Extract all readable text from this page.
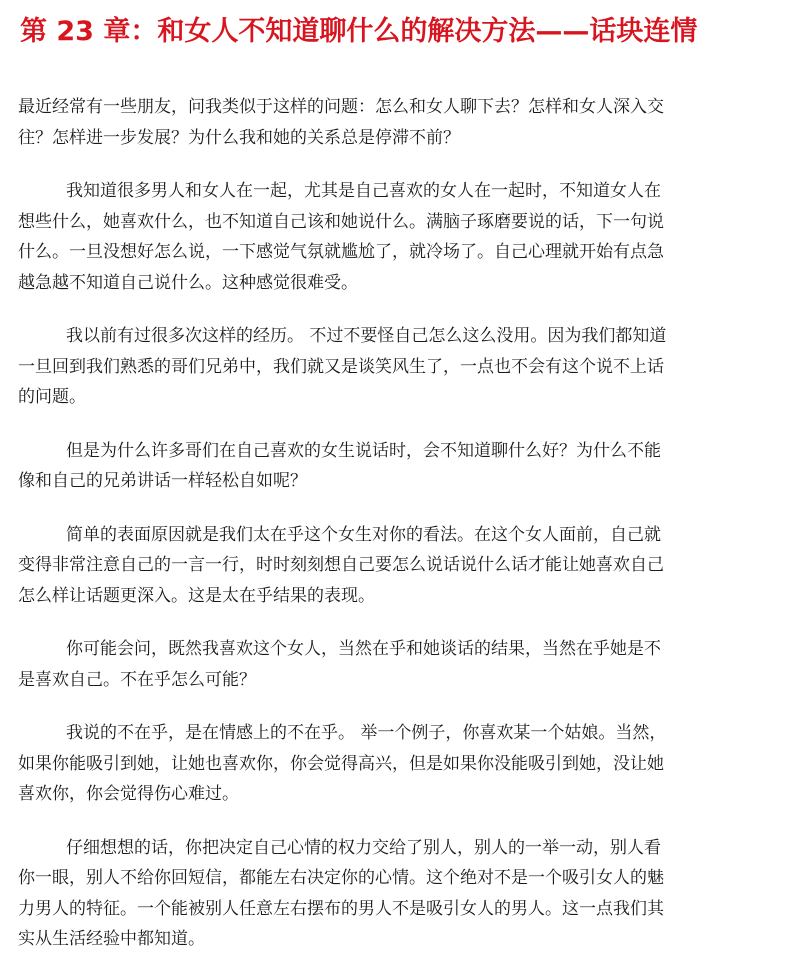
第 23 章：和女人不知道聊什么的解决方法——话块连情
最近经常有一些朋友，问我类似于这样的问题：怎么和女人聊下去？怎样和女人深入交
往？怎样进一步发展？为什么我和她的关系总是停滞不前？
我知道很多男人和女人在一起，尤其是自己喜欢的女人在一起时，不知道女人在
想些什么，她喜欢什么，也不知道自己该和她说什么。满脑子琢磨要说的话，下一句说
什么。一旦没想好怎么说，一下感觉气氛就尴尬了，就冷场了。自己心理就开始有点急
越急越不知道自己说什么。这种感觉很难受。
我以前有过很多次这样的经历。 不过不要怪自己怎么这么没用。因为我们都知道
一旦回到我们熟悉的哥们兄弟中，我们就又是谈笑风生了，一点也不会有这个说不上话
的问题。
但是为什么许多哥们在自己喜欢的女生说话时，会不知道聊什么好？为什么不能
像和自己的兄弟讲话一样轻松自如呢？
简单的表面原因就是我们太在乎这个女生对你的看法。在这个女人面前，自己就
变得非常注意自己的一言一行，时时刻刻想自己要怎么说话说什么话才能让她喜欢自己
怎么样让话题更深入。这是太在乎结果的表现。
你可能会问，既然我喜欢这个女人，当然在乎和她谈话的结果，当然在乎她是不
是喜欢自己。不在乎怎么可能？
我说的不在乎，是在情感上的不在乎。 举一个例子，你喜欢某一个姑娘。当然，
如果你能吸引到她，让她也喜欢你，你会觉得高兴，但是如果你没能吸引到她，没让她
喜欢你，你会觉得伤心难过。
仔细想想的话，你把决定自己心情的权力交给了别人，别人的一举一动，别人看
你一眼，别人不给你回短信，都能左右决定你的心情。这个绝对不是一个吸引女人的魅
力男人的特征。一个能被别人任意左右摆布的男人不是吸引女人的男人。这一点我们其
实从生活经验中都知道。
